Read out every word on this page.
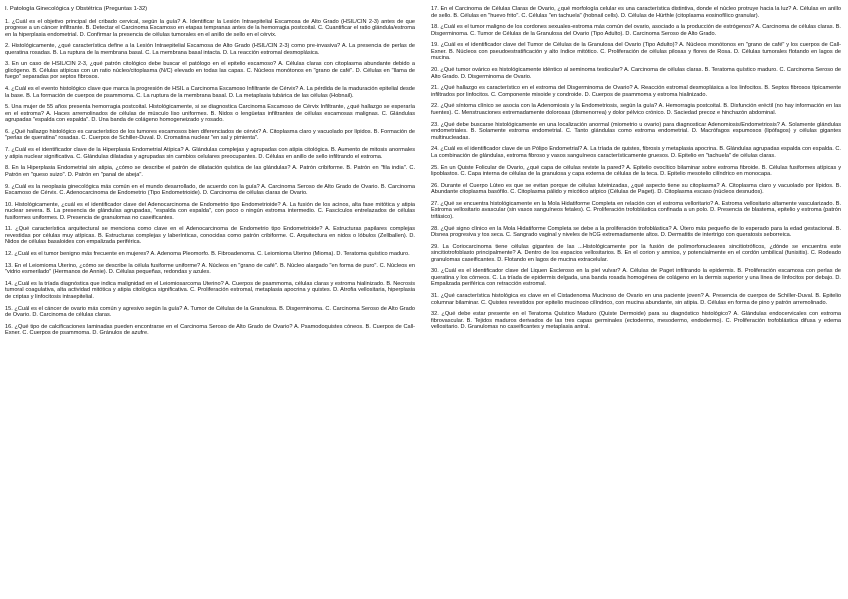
I. Patología Ginecológica y Obstétrica (Preguntas 1-32)
1. ¿Cuál es el objetivo principal del cribado cervical, según la guía? A. Identificar la Lesión Intraepitelial Escamosa de Alto Grado (HSIL/CIN 2-3) antes de que progrese a un cáncer infiltrante. B. Detectar el Carcinoma Escamoso en etapas tempranas antes de la hemorragia postcoital. C. Cuantificar el ratio glándula/estroma en la hiperplasia endometrial. D. Confirmar la presencia de células tumorales en el anillo de sello en el cérvix.
2. Histológicamente, ¿qué característica define a la Lesión Intraepitelial Escamosa de Alto Grado (HSIL/CIN 2-3) como pre-invasiva? A. La presencia de perlas de queratina rosadas. B. La ruptura de la membrana basal. C. La membrana basal intacta. D. La reacción estromal desmoplásica.
3. En un caso de HSIL/CIN 2-3, ¿qué patrón citológico debe buscar el patólogo en el epitelio escamoso? A. Células claras con citoplasma abundante debido a glicógeno. B. Células atípicas con un ratio núcleo/citoplasma (N/C) elevado en todas las capas. C. Núcleos monótonos en "grano de café". D. Células en "llama de fuego" separadas por septos fibrosos.
4. ¿Cuál es el evento histológico clave que marca la progresión de HSIL a Carcinoma Escamoso Infiltrante de Cérvix? A. La pérdida de la maduración epitelial desde la base. B. La formación de cuerpos de psammoma. C. La ruptura de la membrana basal. D. La metaplasia tubárica de las células (Hobnail).
5. Una mujer de 55 años presenta hemorragia postcoital. Histológicamente, si se diagnostica Carcinoma Escamoso de Cérvix Infiltrante, ¿qué hallazgo se esperaría en el estroma? A. Haces arremolinados de células de músculo liso uniformes. B. Nidos o lengüetas infiltrantes de células escamosas malignas. C. Glándulas agrupadas "espalda con espalda". D. Una banda de colágeno homogeneizado y rosado.
6. ¿Qué hallazgo histológico es característico de los tumores escamosos bien diferenciados de cérvix? A. Citoplasma claro y vacuolado por lípidos. B. Formación de "perlas de queratina" rosadas. C. Cuerpos de Schiller-Duval. D. Cromatina nuclear "en sal y pimienta".
7. ¿Cuál es el identificador clave de la Hiperplasia Endometrial Atípica? A. Glándulas complejas y agrupadas con atipia citológica. B. Aumento de mitosis anormales y atipia nuclear significativa. C. Glándulas dilatadas y agrupadas sin cambios celulares preocupantes. D. Células en anillo de sello infiltrando el estroma.
8. En la Hiperplasia Endometrial sin atipia, ¿cómo se describe el patrón de dilatación quística de las glándulas? A. Patrón cribiforme. B. Patrón en "fila india". C. Patrón en "queso suizo". D. Patrón en "panal de abeja".
9. ¿Cuál es la neoplasia ginecológica más común en el mundo desarrollado, de acuerdo con la guía? A. Carcinoma Seroso de Alto Grado de Ovario. B. Carcinoma Escamoso de Cérvix. C. Adenocarcinoma de Endometrio (Tipo Endometrioide). D. Carcinoma de células claras de Ovario.
10. Histológicamente, ¿cuál es el identificador clave del Adenocarcinoma de Endometrio tipo Endometrioide? A. La fusión de los acinos, alta fase mitótica y atipia nuclear severa. B. La presencia de glándulas agrupadas, "espalda con espalda", con poco o ningún estroma intermedio. C. Fascículos entrelazados de células fusiformes uniformes. D. Presencia de granulomas no caseificantes.
11. ¿Qué característica arquitectural se menciona como clave en el Adenocarcinoma de Endometrio tipo Endometrioide? A. Estructuras papilares complejas revestidas por células muy atípicas. B. Estructuras complejas y laberínticas, conocidas como patrón cribiforme. C. Arquitectura en nidos o lóbulos (Zellballen). D. Nidos de células basaloides con empalizada periférica.
12. ¿Cuál es el tumor benigno más frecuente en mujeres? A. Adenoma Pleomorfo. B. Fibroadenoma. C. Leiomioma Uterino (Mioma). D. Teratoma quístico maduro.
13. En el Leiomioma Uterino, ¿cómo se describe la célula fusiforme uniforme? A. Núcleos en "grano de café". B. Núcleo alargado "en forma de puro". C. Núcleos en "vidrio esmerilado" (Hermanos de Annie). D. Células pequeñas, redondas y azules.
14. ¿Cuál es la tríada diagnóstica que indica malignidad en el Leiomiosarcoma Uterino? A. Cuerpos de psammoma, células claras y estroma hialinizado. B. Necrosis tumoral coagulativa, alta actividad mitótica y atipia citológica significativa. C. Proliferación estromal, metaplasia apocrina y quistes. D. Atrofia vellositaria, hiperplasia de criptas y linfocitosis intraepitelial.
15. ¿Cuál es el cáncer de ovario más común y agresivo según la guía? A. Tumor de Células de la Granulosa. B. Disgerminoma. C. Carcinoma Seroso de Alto Grado de Ovario. D. Carcinoma de células claras.
16. ¿Qué tipo de calcificaciones laminadas pueden encontrarse en el Carcinoma Seroso de Alto Grado de Ovario? A. Psamodoquistes cóneos. B. Cuerpos de Call-Exner. C. Cuerpos de psammoma. D. Gránulos de azufre.
17. En el Carcinoma de Células Claras de Ovario, ¿qué morfología celular es una característica distintiva, donde el núcleo protruye hacia la luz? A. Células en anillo de sello. B. Células en "huevo frito". C. Células "en tachuela" (hobnail cells). D. Células de Hürthle (citoplasma eosinofílico granular).
18. ¿Cuál es el tumor maligno de los cordones sexuales-estroma más común del ovario, asociado a la producción de estrógenos? A. Carcinoma de células claras. B. Disgerminoma. C. Tumor de Células de la Granulosa del Ovario (Tipo Adulto). D. Carcinoma Seroso de Alto Grado.
19. ¿Cuál es el identificador clave del Tumor de Células de la Granulosa del Ovario (Tipo Adulto)? A. Núcleos monótonos en "grano de café" y los cuerpos de Call-Exner. B. Núcleos con pseudoestratificación y alto índice mitótico. C. Proliferación de células pilosas y flores de Rosa. D. Células tumorales flotando en lagos de mucina.
20. ¿Qué tumor ovárico es histológicamente idéntico al seminoma testicular? A. Carcinoma de células claras. B. Teratoma quístico maduro. C. Carcinoma Seroso de Alto Grado. D. Disgerminoma de Ovario.
21. ¿Qué hallazgo es característico en el estroma del Disgerminoma de Ovario? A. Reacción estromal desmoplásica a los linfocitos. B. Septos fibrosos típicamente infiltrados por linfocitos. C. Componente mixoide y condroide. D. Cuerpos de psammoma y estroma hialinizado.
22. ¿Qué síntoma clínico se asocia con la Adenomiosis y la Endometriosis, según la guía? A. Hemorragia postcoital. B. Disfunción eréctil (no hay información en las fuentes). C. Menstruaciones extremadamente dolorosas (dismenorrea) y dolor pélvico crónico. D. Saciedad precoz e hinchazón abdominal.
23. ¿Qué debe buscarse histológicamente en una localización anormal (miometrio u ovario) para diagnosticar Adenomiosis/Endometriosis? A. Solamente glándulas endometriales. B. Solamente estroma endometrial. C. Tanto glándulas como estroma endometrial. D. Macrófagos espumosos (lipófagos) y células gigantes multinucleadas.
24. ¿Cuál es el identificador clave de un Pólipo Endometrial? A. La tríada de quistes, fibrosis y metaplasia apocrina. B. Glándulas agrupadas espalda con espalda. C. La combinación de glándulas, estroma fibroso y vasos sanguíneos característicamente gruesos. D. Epitelio en "tachuela" de células claras.
25. En un Quiste Folicular de Ovario, ¿qué capa de células reviste la pared? A. Epitelio ovocítico bilaminar sobre estroma fibroide. B. Células fusiformes atípicas y lipoblastos. C. Capa interna de células de la granulosa y capa externa de células de la teca. D. Epitelio mesotelio cilíndrico en monocapa.
26. Durante el Cuerpo Lúteo es que se evitan porque de células luteinizadas, ¿qué aspecto tiene su citoplasma? A. Citoplasma claro y vacuolado por lípidos. B. Abundante citoplasma basófilo. C. Citoplasma pálido y micótico atípico (Células de Paget). D. Citoplasma escaso (núcleos desnudos).
27. ¿Qué se encuentra histológicamente en la Mola Hidatiforme Completa en relación con el estroma velloritario? A. Estroma vellositario altamente vascularizado. B. Estroma vellositario avascular (sin vasos sanguíneos fetales). C. Proliferación trofoblástica confinada a un polo. D. Presencia de blastema, epitelio y estroma (patrón trifásico).
28. ¿Qué signo clínico en la Mola Hidatiforme Completa se debe a la proliferación trofoblástica? A. Útero más pequeño de lo esperado para la edad gestacional. B. Disnea progresiva y tos seca. C. Sangrado vaginal y niveles de hCG extremadamente altos. D. Dermatitis de intertrigo con queratosis seborreica.
29. La Coriocarcinoma tiene células gigantes de las ...Histológicamente por la fusión de polimorfonucleares sincitiotróficos, ¿dónde se encuentra este sincitiotrofoblasto principalmente? A. Dentro de los espacios vellositarios. B. En el corion y amnios, y potencialmente en el cordón umbilical (funisitis). C. Rodeado granulomas caseificantes. D. Flotando en lagos de mucina extracelular.
30. ¿Cuál es el identificador clave del Liquen Escleroso en la piel vulvar? A. Células de Paget infiltrando la epidermis. B. Proliferación escamosa con perlas de queratina y los córneos. C. La tríada de epidermis delgada, una banda rosada homogénea de colágeno en la dermis superior y una línea de linfocitos por debajo. D. Empalizada periférica con retracción estromal.
31. ¿Qué característica histológica es clave en el Cistadenoma Mucinoso de Ovario en una paciente joven? A. Presencia de cuerpos de Schiller-Duval. B. Epitelio columnar bilaminar. C. Quistes revestidos por epitelio mucinoso cilíndrico, con mucina abundante, sin atipia. D. Células en forma de pino y patrón arremolinado.
32. ¿Qué debe estar presente en el Teratoma Quístico Maduro (Quiste Dermoide) para su diagnóstico histológico? A. Glándulas endocervicales con estroma fibrovascular. B. Tejidos maduros derivados de las tres capas germinales (ectodermo, mesodermo, endodermo). C. Proliferación trofoblástica difusa y edema vellositario. D. Granulomas no caseificantes y metaplasia antral.
